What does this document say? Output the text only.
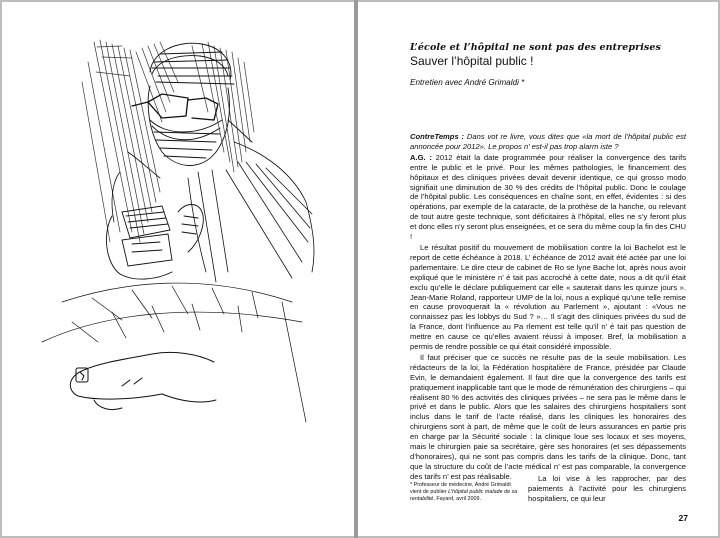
L’école et l’hôpital ne sont pas des entreprises
Sauver l’hôpital public !
Entretien avec André Grimaldi *

ContreTemps : Dans vot re livre, vous dites que «la mort de l’hôpital public est annoncée pour 2012». Le propos n’ est-il pas trop alarm iste ?

A.G. : 2012 était la date programmée pour réaliser la convergence des tarifs entre le public et le privé. Pour les mêmes pathologies, le financement des hôpitaux et des cliniques privées devait devenir identique, ce qui grosso modo signifiait une diminution de 30 % des crédits de l’hôpital public. Donc le coulage de l’hôpital public. Les conséquences en chaîne sont, en effet, évidentes : si des opérations, par exemple de la cataracte, de la prothèse de la hanche, ou relevant de tout autre geste technique, sont déficitaires à l’hôpital, elles ne s’y feront plus et donc elles n’y seront plus enseignées, et ce sera du même coup la fin des CHU !

Le résultat positif du mouvement de mobilisation contre la loi Bachelot est le report de cette échéance à 2018. L’ échéance de 2012 avait été actée par une loi parlementaire. Le dire cteur de cabinet de Ro se lyne Bache lot, après nous avoir expliqué que le ministère n’ é tait pas accroché à cette date, nous a dit qu’il était exclu qu’elle le déclare publiquement car elle « sauterait dans les quinze jours ». Jean-Marie Roland, rapporteur UMP de la loi, nous a expliqué qu’une telle remise en cause provoquerait la « révolution au Parlement », ajoutant : «Vous ne connaissez pas les lobbys du Sud ? »… Il s’agit des cliniques privées du sud de la France, dont l’influence au Pa rlement est telle qu’il n’ é tait pas question de mettre en cause ce qu’elles avaient réussi à imposer. Bref, la mobilisation a permis de rendre possible ce qui était considéré impossible.

Il faut préciser que ce succès ne résulte pas de la seule mobilisation. Les rédacteurs de la loi, la Fédération hospitalière de France, présidée par Claude Evin, le demandaient également. Il faut dire que la convergence des tarifs est pratiquement inapplicable tant que le mode de rémunération des chirurgiens – qui réalisent 80 % des activités des cliniques privées – ne sera pas le même dans le privé et dans le public. Alors que les salaires des chirurgiens hospitaliers sont inclus dans le tarif de l’acte réalisé, dans les cliniques les honoraires des chirurgiens sont à part, de même que le coût de leurs assurances en partie pris en charge par la Sécurité sociale : la clinique loue ses locaux et ses moyens, mais le chirurgien paie sa secrétaire, gère ses honoraires (et ses dépassements d’honoraires), qui ne sont pas compris dans les tarifs de la clinique. Donc, tant que la structure du coût de l’acte médical n’ est pas comparable, la convergence des tarifs n’ est pas réalisable.

* Professeur de médecine, André Grimaldi vient de publier L’hôpital public malade de sa rentabilité, Fayard, avril 2009.
La loi vise à les rapprocher, par des paiements à l’activité pour les chirurgiens hospitaliers, ce qui leur
27
